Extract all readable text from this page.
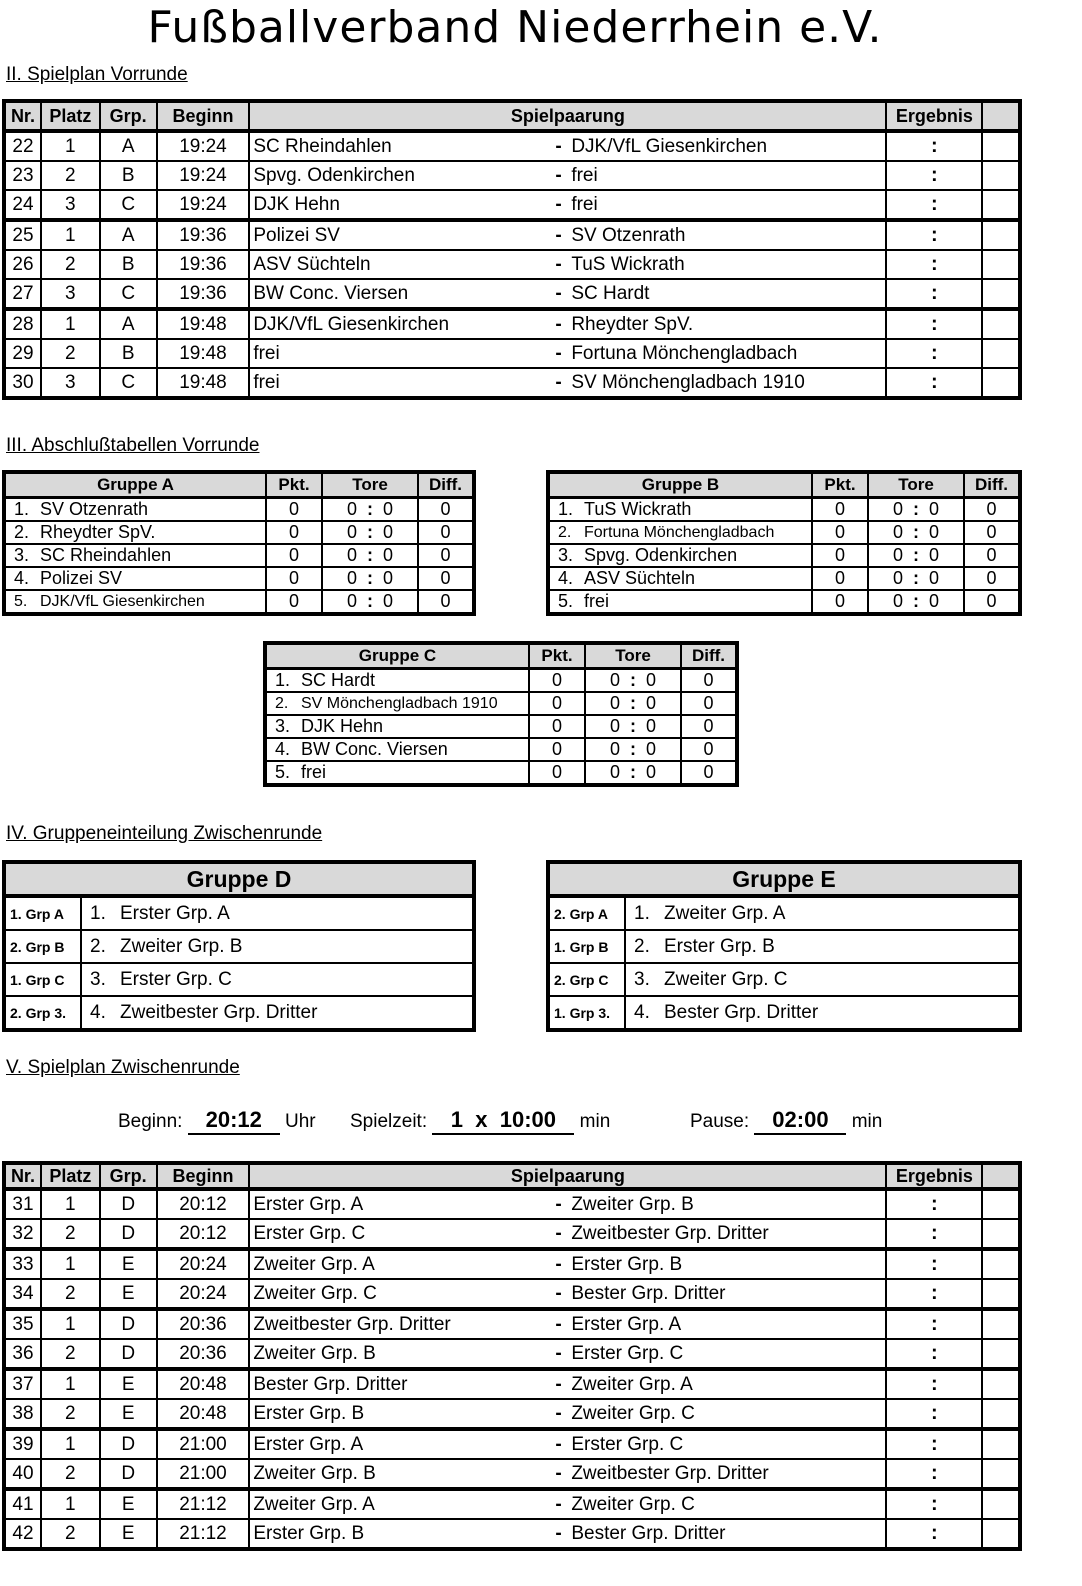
Fußballverband Niederrhein e.V.
II. Spielplan Vorrunde
Nr.	Platz	Grp.	Beginn	Spielpaarung	Ergebnis	
22	1	A	19:24	SC Rheindahlen - DJK/VfL Giesenkirchen	:	
23	2	B	19:24	Spvg. Odenkirchen - frei	:	
24	3	C	19:24	DJK Hehn - frei	:	
25	1	A	19:36	Polizei SV - SV Otzenrath	:	
26	2	B	19:36	ASV Süchteln - TuS Wickrath	:	
27	3	C	19:36	BW Conc. Viersen - SC Hardt	:	
28	1	A	19:48	DJK/VfL Giesenkirchen - Rheydter SpV.	:	
29	2	B	19:48	frei - Fortuna Mönchengladbach	:	
30	3	C	19:48	frei - SV Mönchengladbach 1910	:	
III. Abschlußtabellen Vorrunde
Gruppe A	Pkt.	Tore	Diff.
1. SV Otzenrath	0	0 : 0	0
2. Rheydter SpV.	0	0 : 0	0
3. SC Rheindahlen	0	0 : 0	0
4. Polizei SV	0	0 : 0	0
5. DJK/VfL Giesenkirchen	0	0 : 0	0
Gruppe B	Pkt.	Tore	Diff.
1. TuS Wickrath	0	0 : 0	0
2. Fortuna Mönchengladbach	0	0 : 0	0
3. Spvg. Odenkirchen	0	0 : 0	0
4. ASV Süchteln	0	0 : 0	0
5. frei	0	0 : 0	0
Gruppe C	Pkt.	Tore	Diff.
1. SC Hardt	0	0 : 0	0
2. SV Mönchengladbach 1910	0	0 : 0	0
3. DJK Hehn	0	0 : 0	0
4. BW Conc. Viersen	0	0 : 0	0
5. frei	0	0 : 0	0
IV. Gruppeneinteilung Zwischenrunde
Gruppe D	
1. Grp A	1. Erster Grp. A
2. Grp B	2. Zweiter Grp. B
1. Grp C	3. Erster Grp. C
2. Grp 3.	4. Zweitbester Grp. Dritter
Gruppe E	
2. Grp A	1. Zweiter Grp. A
1. Grp B	2. Erster Grp. B
2. Grp C	3. Zweiter Grp. C
1. Grp 3.	4. Bester Grp. Dritter
V. Spielplan Zwischenrunde
Beginn: 20:12 Uhr Spielzeit: 1 x 10:00 min	Pause: 02:00 min
Nr.	Platz	Grp.	Beginn	Spielpaarung	Ergebnis	
31	1	D	20:12	Erster Grp. A - Zweiter Grp. B	:	
32	2	D	20:12	Erster Grp. C - Zweitbester Grp. Dritter	:	
33	1	E	20:24	Zweiter Grp. A - Erster Grp. B	:	
34	2	E	20:24	Zweiter Grp. C - Bester Grp. Dritter	:	
35	1	D	20:36	Zweitbester Grp. Dritter - Erster Grp. A	:	
36	2	D	20:36	Zweiter Grp. B - Erster Grp. C	:	
37	1	E	20:48	Bester Grp. Dritter - Zweiter Grp. A	:	
38	2	E	20:48	Erster Grp. B - Zweiter Grp. C	:	
39	1	D	21:00	Erster Grp. A - Erster Grp. C	:	
40	2	D	21:00	Zweiter Grp. B - Zweitbester Grp. Dritter	:	
41	1	E	21:12	Zweiter Grp. A - Zweiter Grp. C	:	
42	2	E	21:12	Erster Grp. B - Bester Grp. Dritter	:	
